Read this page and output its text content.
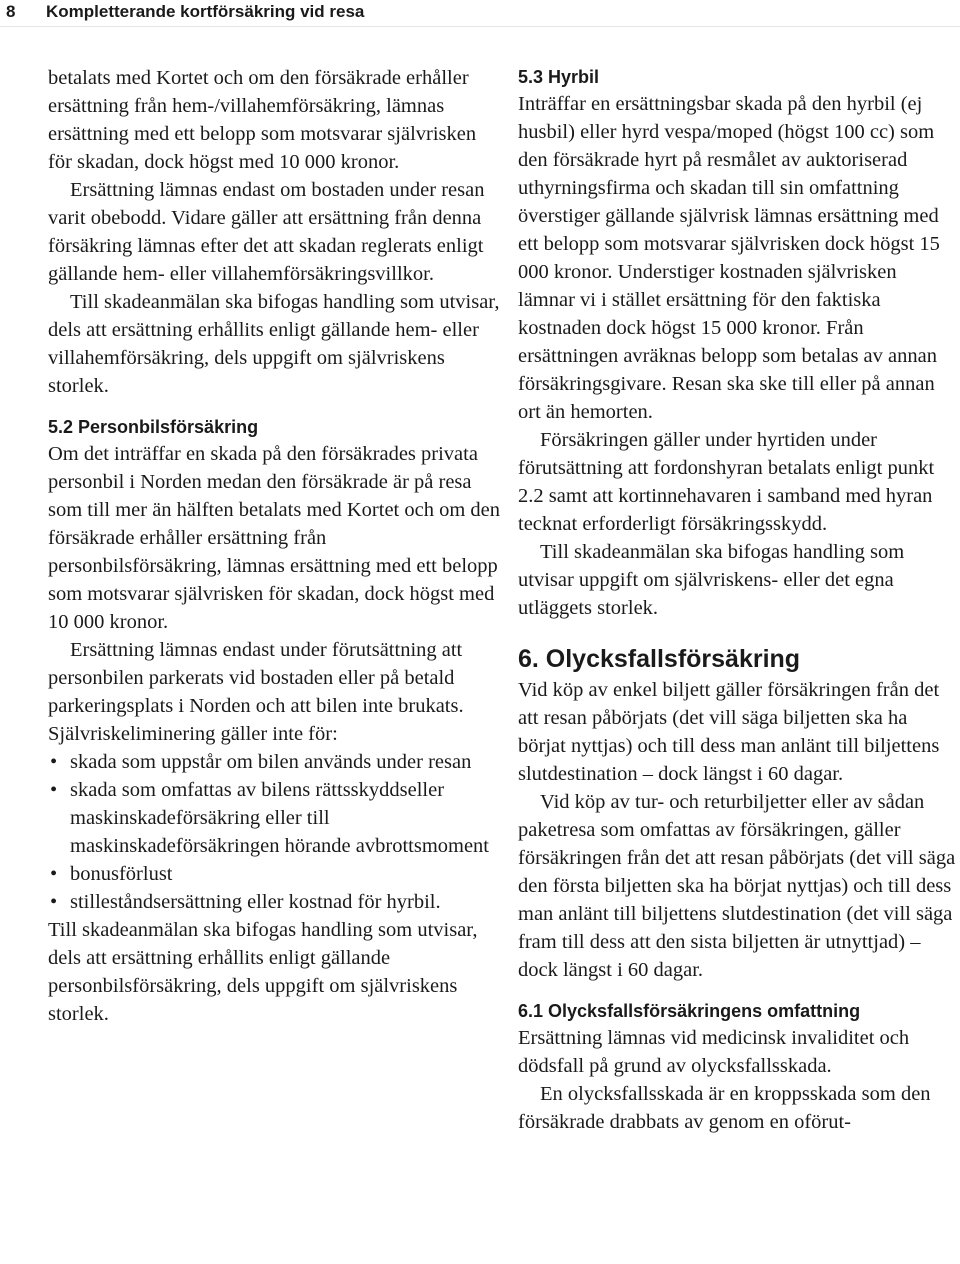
8 Kompletterande kortförsäkring vid resa

betalats med Kortet och om den försäkrade erhåller ersättning från hem-/villahemförsäkring, lämnas ersättning med ett belopp som motsvarar självrisken för skadan, dock högst med 10 000 kronor.

Ersättning lämnas endast om bostaden under resan varit obebodd. Vidare gäller att ersättning från denna försäkring lämnas efter det att skadan reglerats enligt gällande hem- eller villahemförsäkringsvillkor.

Till skadeanmälan ska bifogas handling som utvisar, dels att ersättning erhållits enligt gällande hem- eller villahemförsäkring, dels uppgift om självriskens storlek.

5.2 Personbilsförsäkring

Om det inträffar en skada på den försäkrades privata personbil i Norden medan den försäkrade är på resa som till mer än hälften betalats med Kortet och om den försäkrade erhåller ersättning från personbilsförsäkring, lämnas ersättning med ett belopp som motsvarar självrisken för skadan, dock högst med 10 000 kronor.

Ersättning lämnas endast under förutsättning att personbilen parkerats vid bostaden eller på betald parkeringsplats i Norden och att bilen inte brukats.

Självriskeliminering gäller inte för:

• skada som uppstår om bilen används under resan
• skada som omfattas av bilens rättsskyddseller maskinskadeförsäkring eller till maskinskadeförsäkringen hörande avbrottsmoment
• bonusförlust
• stilleståndsersättning eller kostnad för hyrbil.

Till skadeanmälan ska bifogas handling som utvisar, dels att ersättning erhållits enligt gällande personbilsförsäkring, dels uppgift om självriskens storlek.

5.3 Hyrbil

Inträffar en ersättningsbar skada på den hyrbil (ej husbil) eller hyrd vespa/moped (högst 100 cc) som den försäkrade hyrt på resmålet av auktoriserad uthyrningsfirma och skadan till sin omfattning överstiger gällande självrisk lämnas ersättning med ett belopp som motsvarar självrisken dock högst 15 000 kronor. Understiger kostnaden självrisken lämnar vi i stället ersättning för den faktiska kostnaden dock högst 15 000 kronor. Från ersättningen avräknas belopp som betalas av annan försäkringsgivare. Resan ska ske till eller på annan ort än hemorten.

Försäkringen gäller under hyrtiden under förutsättning att fordonshyran betalats enligt punkt 2.2 samt att kortinnehavaren i samband med hyran tecknat erforderligt försäkringsskydd.

Till skadeanmälan ska bifogas handling som utvisar uppgift om självriskens- eller det egna utläggets storlek.

6. Olycksfallsförsäkring

Vid köp av enkel biljett gäller försäkringen från det att resan påbörjats (det vill säga biljetten ska ha börjat nyttjas) och till dess man anlänt till biljettens slutdestination – dock längst i 60 dagar.

Vid köp av tur- och returbiljetter eller av sådan paketresa som omfattas av försäkringen, gäller försäkringen från det att resan påbörjats (det vill säga den första biljetten ska ha börjat nyttjas) och till dess man anlänt till biljettens slutdestination (det vill säga fram till dess att den sista biljetten är utnyttjad) – dock längst i 60 dagar.

6.1 Olycksfallsförsäkringens omfattning

Ersättning lämnas vid medicinsk invaliditet och dödsfall på grund av olycksfallsskada.

En olycksfallsskada är en kroppsskada som den försäkrade drabbats av genom en oförut-
